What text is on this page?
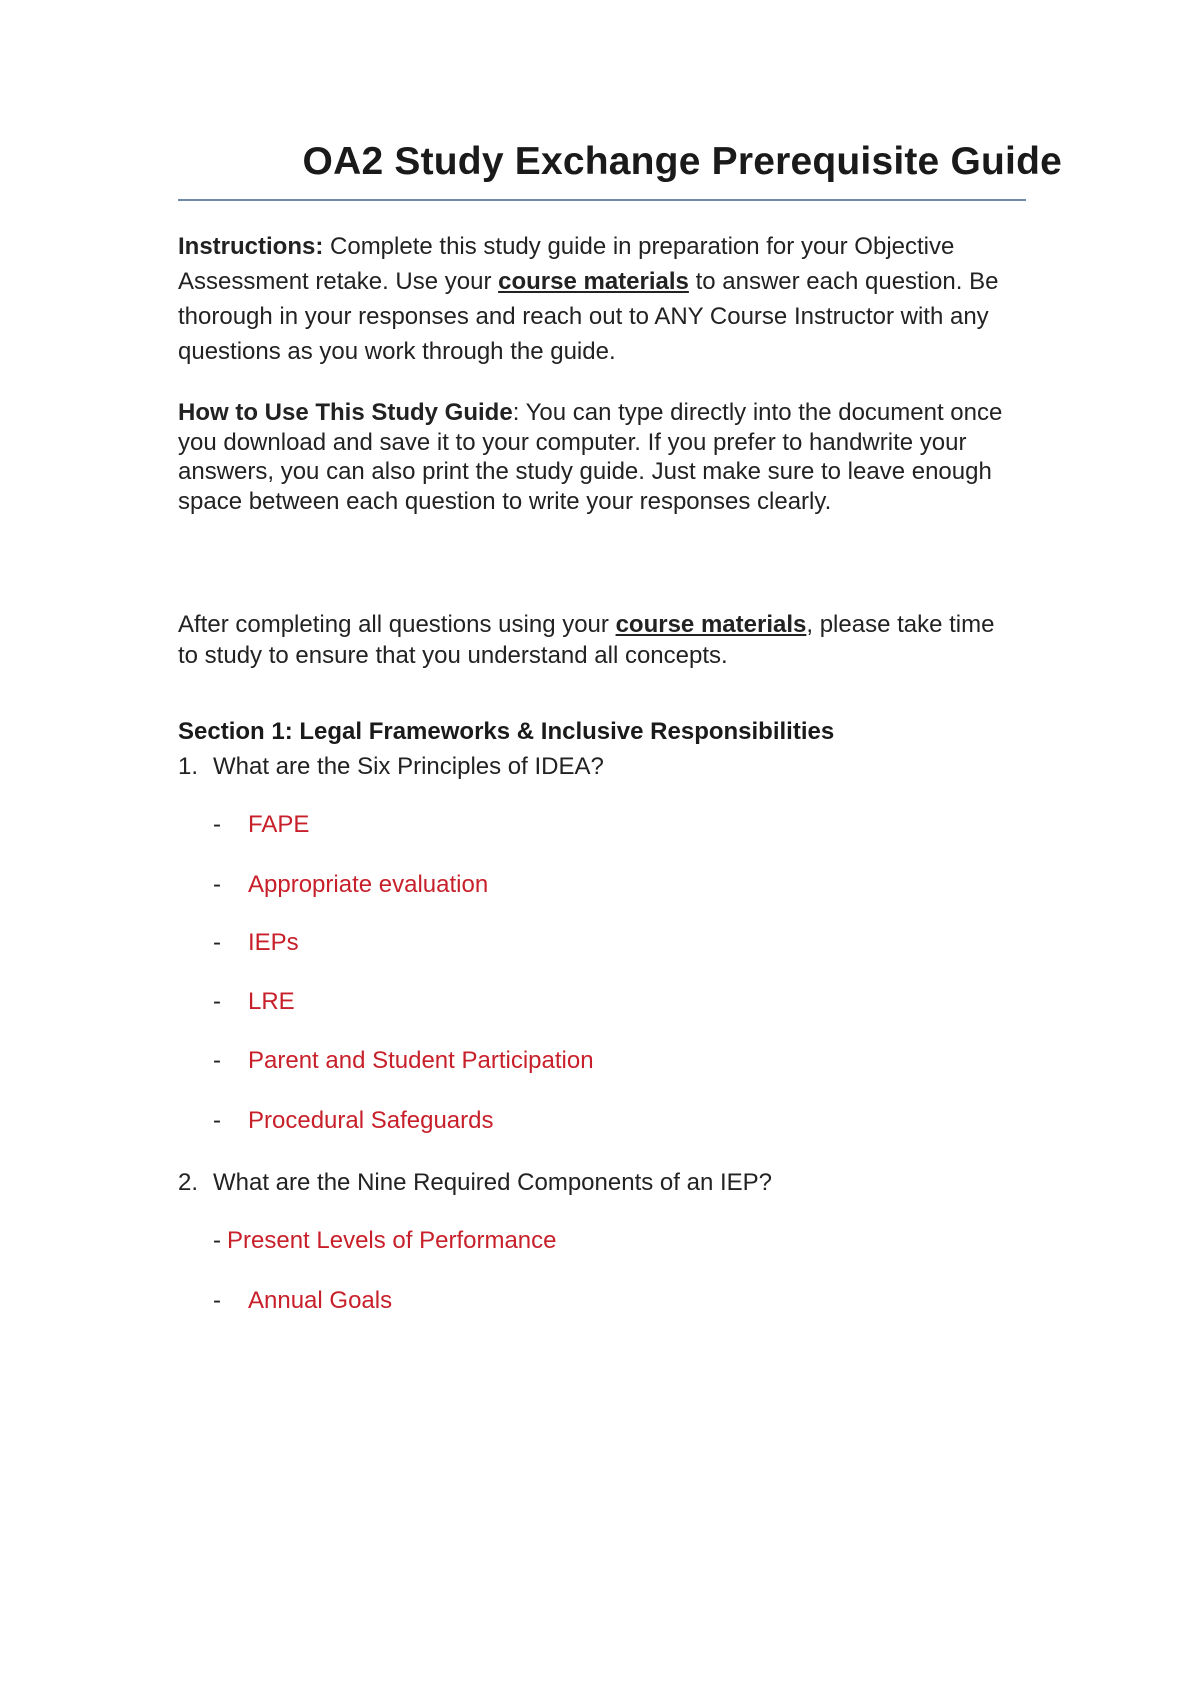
OA2 Study Exchange Prerequisite Guide
Instructions: Complete this study guide in preparation for your Objective Assessment retake. Use your course materials to answer each question. Be thorough in your responses and reach out to ANY Course Instructor with any questions as you work through the guide.
How to Use This Study Guide: You can type directly into the document once you download and save it to your computer. If you prefer to handwrite your answers, you can also print the study guide. Just make sure to leave enough space between each question to write your responses clearly.
After completing all questions using your course materials, please take time to study to ensure that you understand all concepts.
Section 1: Legal Frameworks & Inclusive Responsibilities
1. What are the Six Principles of IDEA?
- FAPE
- Appropriate evaluation
- IEPs
- LRE
- Parent and Student Participation
- Procedural Safeguards
2. What are the Nine Required Components of an IEP?
- Present Levels of Performance
- Annual Goals
